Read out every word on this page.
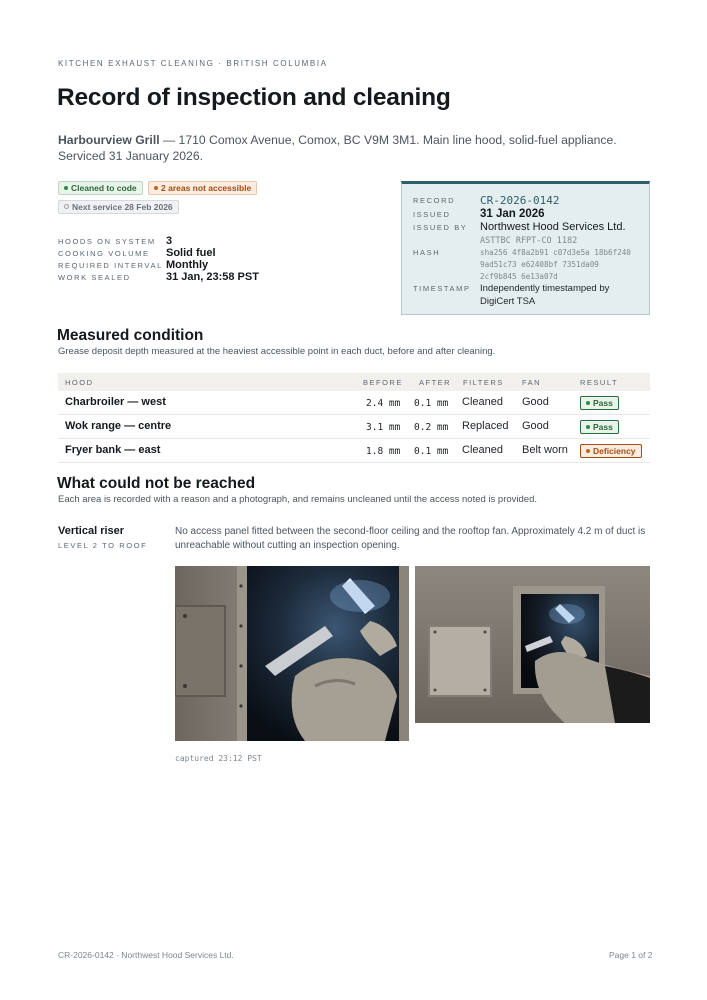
KITCHEN EXHAUST CLEANING · BRITISH COLUMBIA
Record of inspection and cleaning

Harbourview Grill — 1710 Comox Avenue, Comox, BC V9M 3M1. Main line hood, solid-fuel appliance. Serviced 31 January 2026.

Cleaned to code	2 areas not accessible
Next service 28 Feb 2026
HOODS ON SYSTEM 3
COOKING VOLUME Solid fuel
REQUIRED INTERVAL Monthly
WORK SEALED	31 Jan, 23:58 PST
RECORD CR-2026-0142
ISSUED	31 Jan 2026
ISSUED BY Northwest Hood Services Ltd.
ASTTBC RFPT-CO 1182
HASH	sha256 4f8a2b91 c07d3e5a 18b6f240
9ad51c73 e62408bf 7351da09
2cf9b845 6e13a07d
TIMESTAMP Independently timestamped by DigiCert TSA
Measured condition

Grease deposit depth measured at the heaviest accessible point in each duct, before and after cleaning.

HOOD	BEFORE AFTER FILTERS FAN	RESULT
Charbroiler — west	2.4 mm 0.1 mm Cleaned Good	Pass
Wok range — centre	3.1 mm 0.2 mm Replaced Good	Pass
Fryer bank — east	1.8 mm 0.1 mm Cleaned Belt worn	Deficiency
What could not be reached

Each area is recorded with a reason and a photograph, and remains uncleaned until the access noted is provided.

Vertical riser
LEVEL 2 TO ROOF

No access panel fitted between the second-floor ceiling and the rooftop fan. Approximately 4.2 m of duct is unreachable without cutting an inspection opening.

captured 23:12 PST
CR-2026-0142 · Northwest Hood Services Ltd.	Page 1 of 2
